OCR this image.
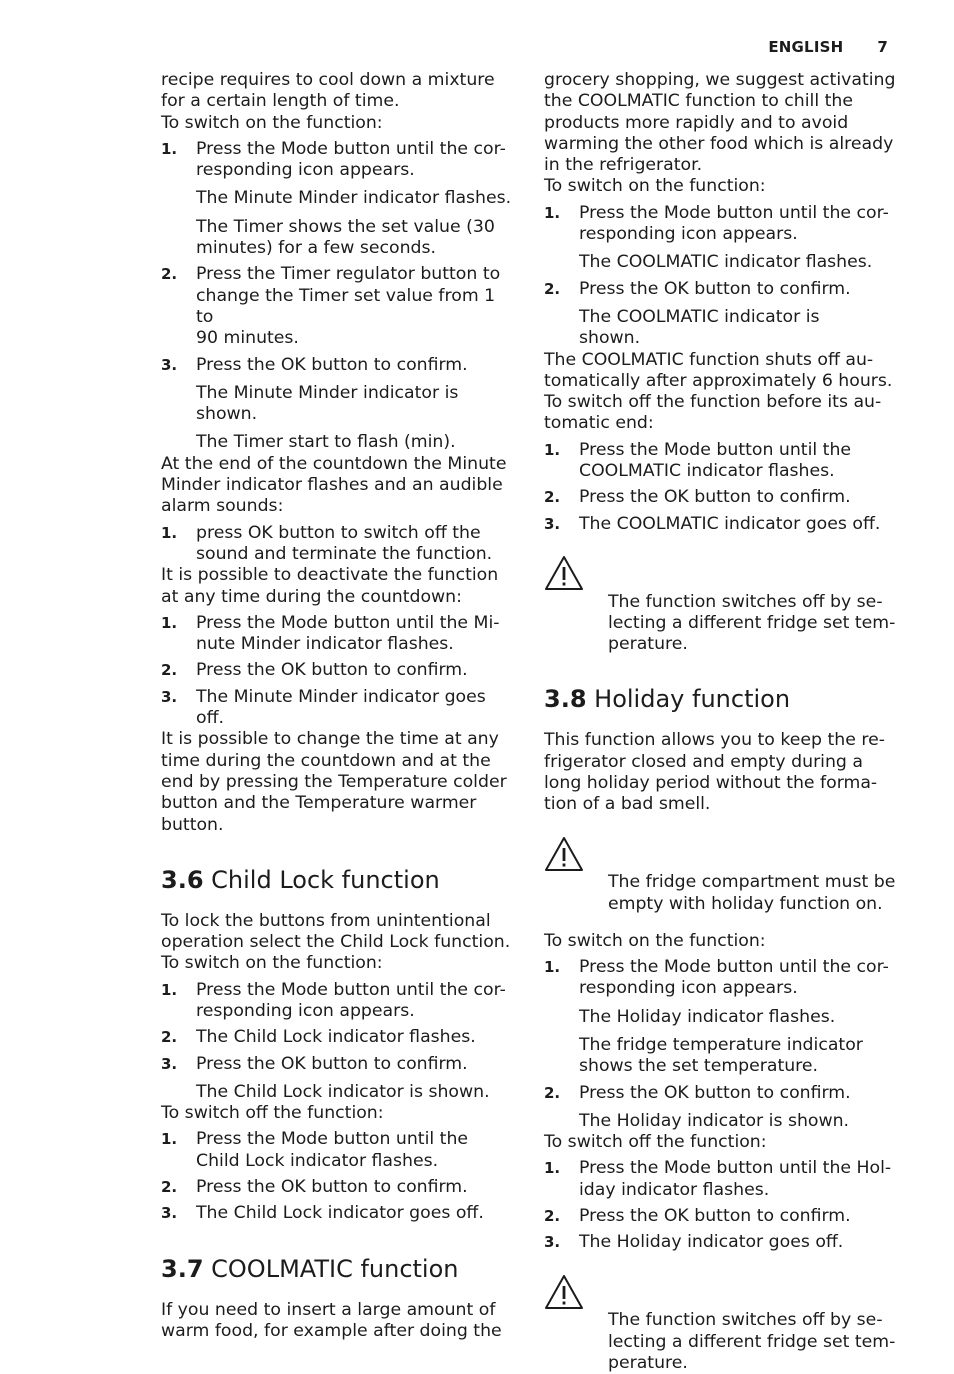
ENGLISH 7

recipe requires to cool down a mixture
for a certain length of time.
To switch on the function:

1. Press the Mode button until the cor-
responding icon appears.
The Minute Minder indicator flashes.
The Timer shows the set value (30
minutes) for a few seconds.
2. Press the Timer regulator button to
change the Timer set value from 1 to
90 minutes.
3. Press the OK button to confirm.
The Minute Minder indicator is
shown.
The Timer start to flash (min).

At the end of the countdown the Minute
Minder indicator flashes and an audible
alarm sounds:

1. press OK button to switch off the
sound and terminate the function.

It is possible to deactivate the function
at any time during the countdown:

1. Press the Mode button until the Mi-
nute Minder indicator flashes.
2. Press the OK button to confirm.
3. The Minute Minder indicator goes
off.

It is possible to change the time at any
time during the countdown and at the
end by pressing the Temperature colder
button and the Temperature warmer
button.

3.6 Child Lock function

To lock the buttons from unintentional
operation select the Child Lock function.
To switch on the function:

1. Press the Mode button until the cor-
responding icon appears.
2. The Child Lock indicator flashes.
3. Press the OK button to confirm.
The Child Lock indicator is shown.

To switch off the function:

1. Press the Mode button until the
Child Lock indicator flashes.
2. Press the OK button to confirm.
3. The Child Lock indicator goes off.
3.7 COOLMATIC function

If you need to insert a large amount of
warm food, for example after doing the

grocery shopping, we suggest activating
the COOLMATIC function to chill the
products more rapidly and to avoid
warming the other food which is already
in the refrigerator.
To switch on the function:

1. Press the Mode button until the cor-
responding icon appears.
The COOLMATIC indicator flashes.
2. Press the OK button to confirm.
The COOLMATIC indicator is
shown.

The COOLMATIC function shuts off au-
tomatically after approximately 6 hours.
To switch off the function before its au-
tomatic end:

1. Press the Mode button until the
COOLMATIC indicator flashes.
2. Press the OK button to confirm.
3. The COOLMATIC indicator goes off.

The function switches off by se-
lecting a different fridge set tem-
perature.

3.8 Holiday function

This function allows you to keep the re-
frigerator closed and empty during a
long holiday period without the forma-
tion of a bad smell.

The fridge compartment must be
empty with holiday function on.

To switch on the function:

1. Press the Mode button until the cor-
responding icon appears.
The Holiday indicator flashes.
The fridge temperature indicator
shows the set temperature.
2. Press the OK button to confirm.
The Holiday indicator is shown.

To switch off the function:

1. Press the Mode button until the Hol-
iday indicator flashes.
2. Press the OK button to confirm.
3. The Holiday indicator goes off.

The function switches off by se-
lecting a different fridge set tem-
perature.
